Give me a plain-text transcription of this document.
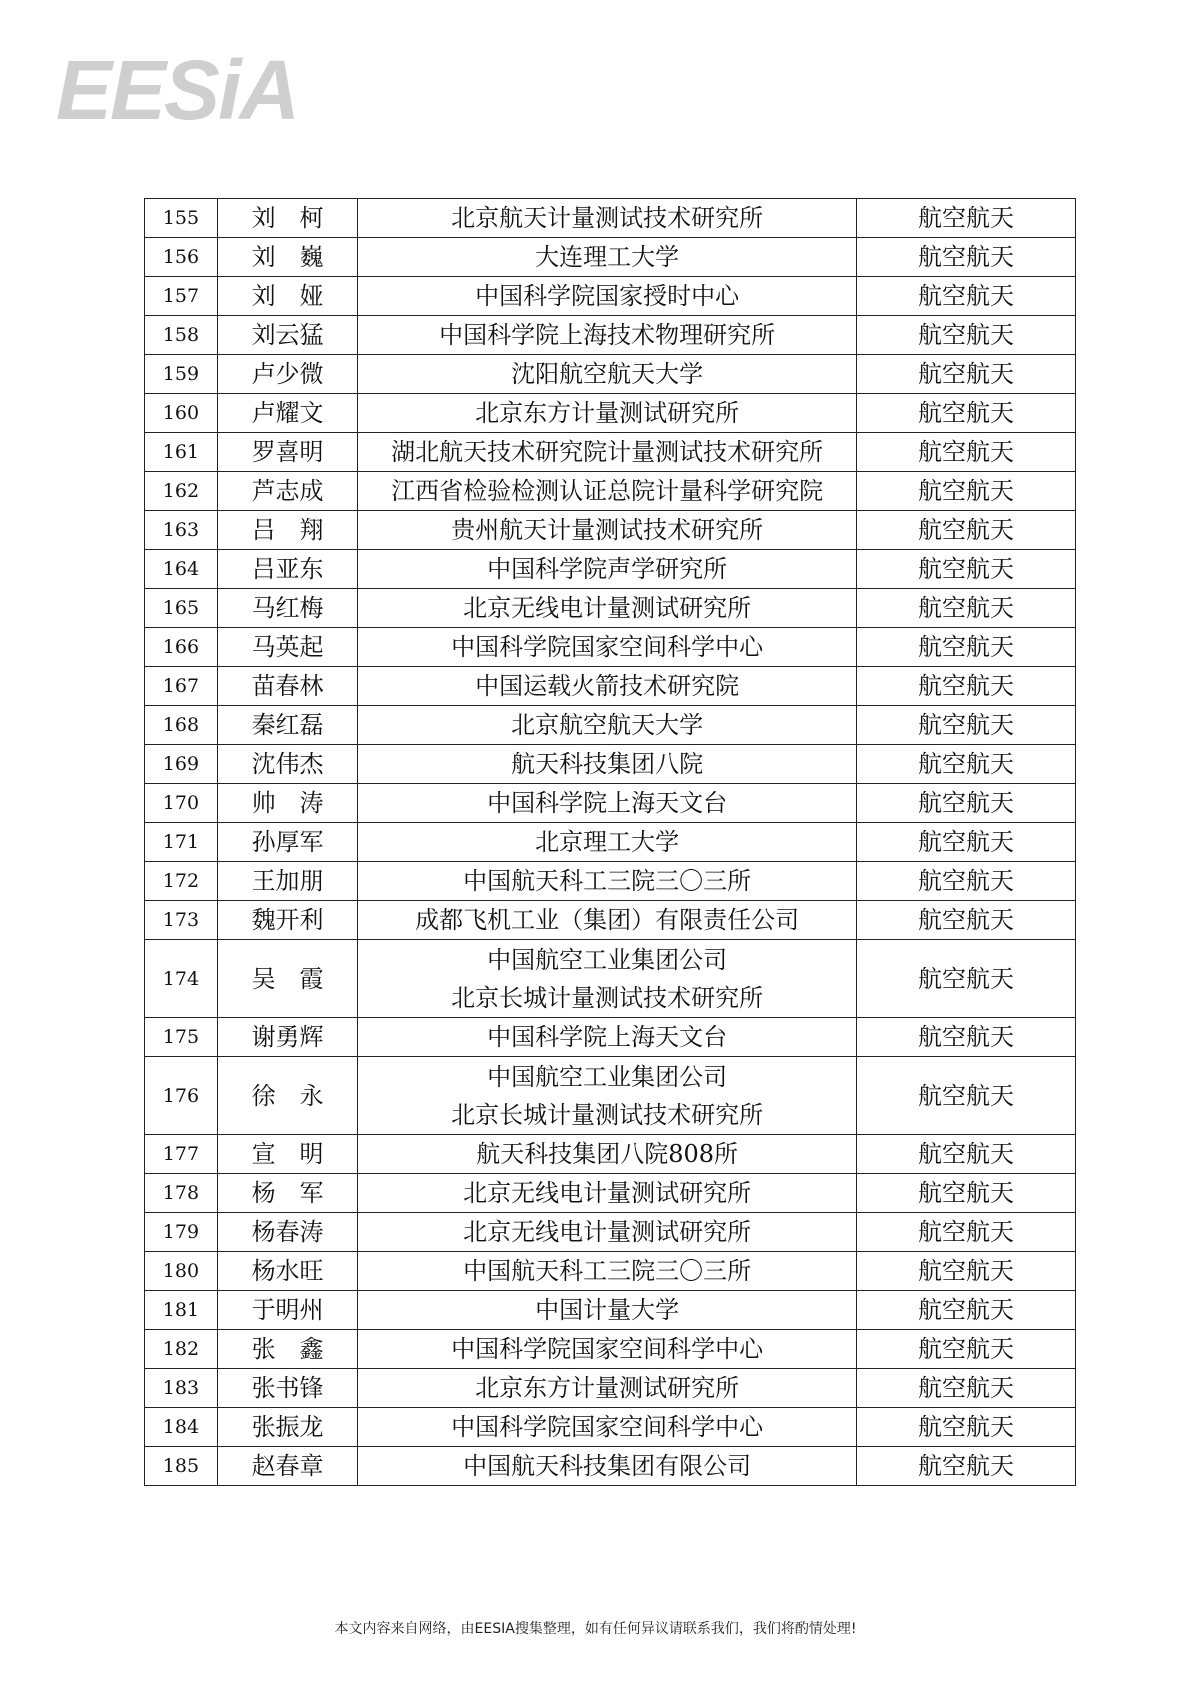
EESiA
155	刘　柯	北京航天计量测试技术研究所	航空航天
156	刘　巍	大连理工大学	航空航天
157	刘　娅	中国科学院国家授时中心	航空航天
158	刘云猛	中国科学院上海技术物理研究所	航空航天
159	卢少微	沈阳航空航天大学	航空航天
160	卢耀文	北京东方计量测试研究所	航空航天
161	罗喜明	湖北航天技术研究院计量测试技术研究所	航空航天
162	芦志成	江西省检验检测认证总院计量科学研究院	航空航天
163	吕　翔	贵州航天计量测试技术研究所	航空航天
164	吕亚东	中国科学院声学研究所	航空航天
165	马红梅	北京无线电计量测试研究所	航空航天
166	马英起	中国科学院国家空间科学中心	航空航天
167	苗春林	中国运载火箭技术研究院	航空航天
168	秦红磊	北京航空航天大学	航空航天
169	沈伟杰	航天科技集团八院	航空航天
170	帅　涛	中国科学院上海天文台	航空航天
171	孙厚军	北京理工大学	航空航天
172	王加朋	中国航天科工三院三〇三所	航空航天
173	魏开利	成都飞机工业（集团）有限责任公司	航空航天
174	吴　霞	中国航空工业集团公司
北京长城计量测试技术研究所	航空航天
175	谢勇辉	中国科学院上海天文台	航空航天
176	徐　永	中国航空工业集团公司
北京长城计量测试技术研究所	航空航天
177	宣　明	航天科技集团八院808所	航空航天
178	杨　军	北京无线电计量测试研究所	航空航天
179	杨春涛	北京无线电计量测试研究所	航空航天
180	杨水旺	中国航天科工三院三〇三所	航空航天
181	于明州	中国计量大学	航空航天
182	张　鑫	中国科学院国家空间科学中心	航空航天
183	张书锋	北京东方计量测试研究所	航空航天
184	张振龙	中国科学院国家空间科学中心	航空航天
185	赵春章	中国航天科技集团有限公司	航空航天
本文内容来自网络，由EESIA搜集整理，如有任何异议请联系我们，我们将酌情处理!
